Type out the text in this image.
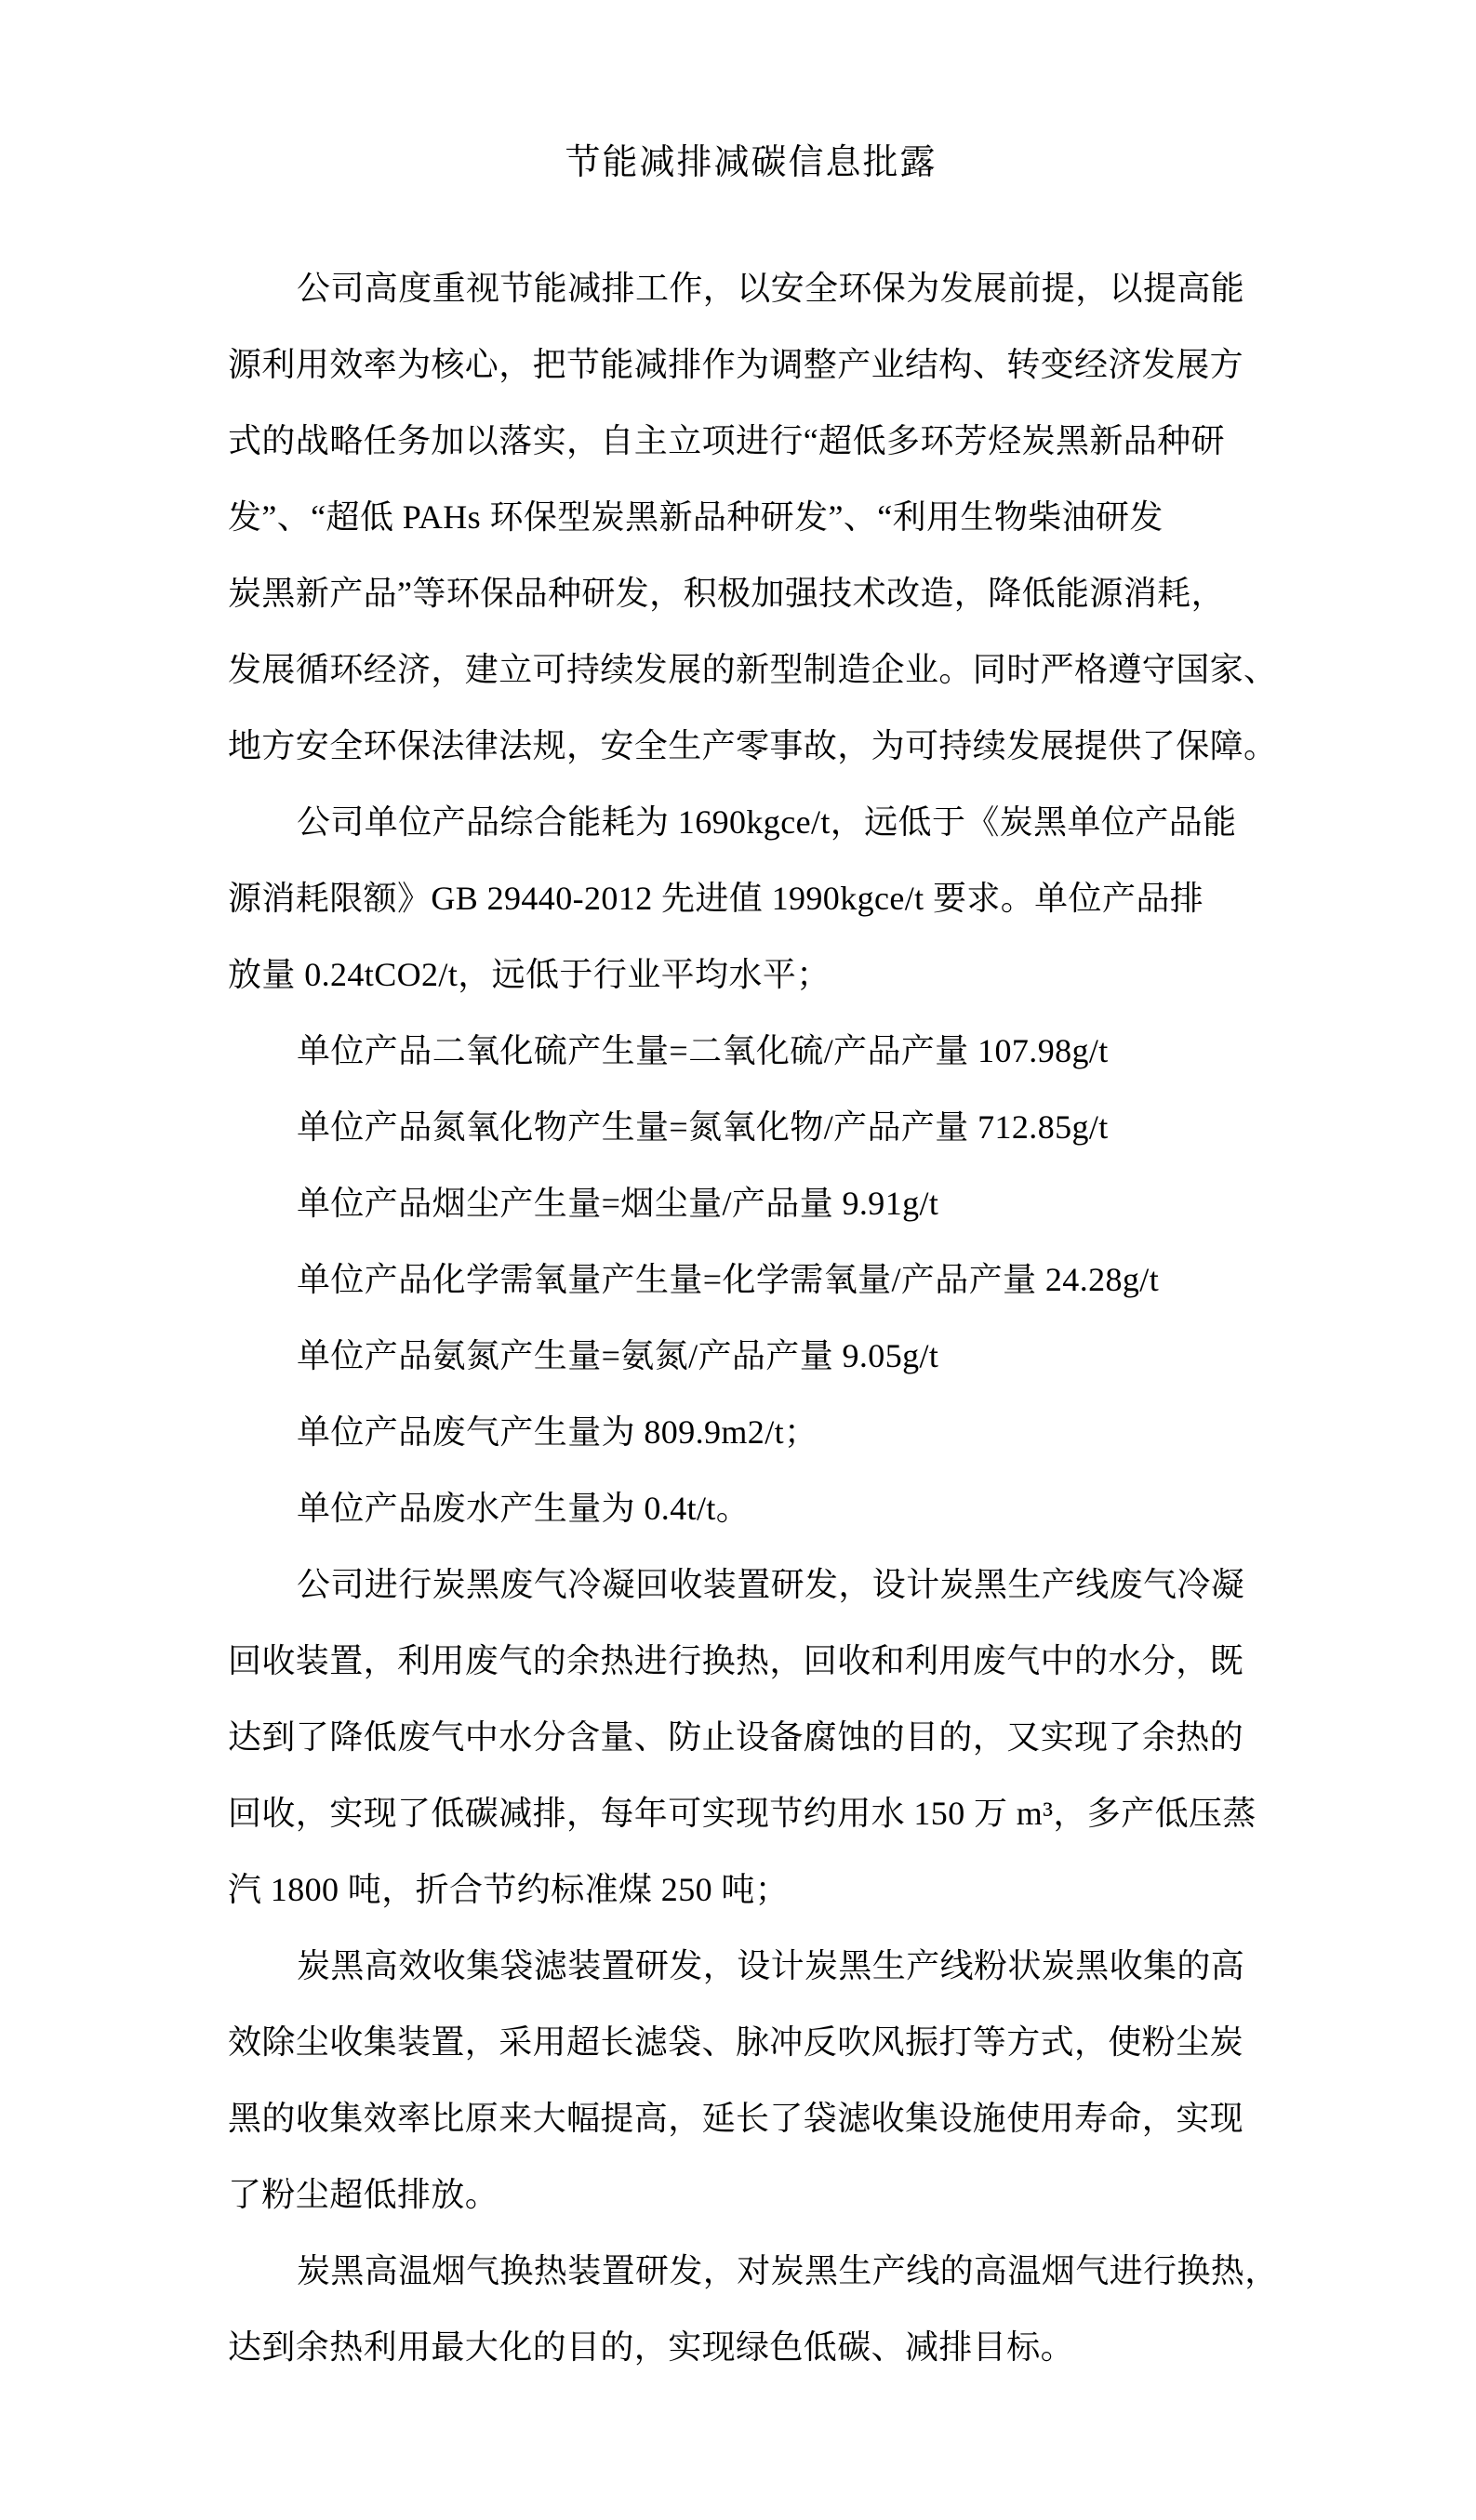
节能减排减碳信息批露
公司高度重视节能减排工作，以安全环保为发展前提，以提高能
源利用效率为核心，把节能减排作为调整产业结构、转变经济发展方
式的战略任务加以落实，自主立项进行“超低多环芳烃炭黑新品种研
发”、“超低 PAHs 环保型炭黑新品种研发”、“利用生物柴油研发
炭黑新产品”等环保品种研发，积极加强技术改造，降低能源消耗，
发展循环经济，建立可持续发展的新型制造企业。同时严格遵守国家、
地方安全环保法律法规，安全生产零事故，为可持续发展提供了保障。
公司单位产品综合能耗为 1690kgce/t，远低于《炭黑单位产品能
源消耗限额》GB 29440-2012 先进值 1990kgce/t 要求。单位产品排
放量 0.24tCO2/t，远低于行业平均水平；
单位产品二氧化硫产生量=二氧化硫/产品产量 107.98g/t
单位产品氮氧化物产生量=氮氧化物/产品产量 712.85g/t
单位产品烟尘产生量=烟尘量/产品量 9.91g/t
单位产品化学需氧量产生量=化学需氧量/产品产量 24.28g/t
单位产品氨氮产生量=氨氮/产品产量 9.05g/t
单位产品废气产生量为 809.9m2/t；
单位产品废水产生量为 0.4t/t。
公司进行炭黑废气冷凝回收装置研发，设计炭黑生产线废气冷凝
回收装置，利用废气的余热进行换热，回收和利用废气中的水分，既
达到了降低废气中水分含量、防止设备腐蚀的目的，又实现了余热的
回收，实现了低碳减排，每年可实现节约用水 150 万 m³，多产低压蒸
汽 1800 吨，折合节约标准煤 250 吨；
炭黑高效收集袋滤装置研发，设计炭黑生产线粉状炭黑收集的高
效除尘收集装置，采用超长滤袋、脉冲反吹风振打等方式，使粉尘炭
黑的收集效率比原来大幅提高，延长了袋滤收集设施使用寿命，实现
了粉尘超低排放。
炭黑高温烟气换热装置研发，对炭黑生产线的高温烟气进行换热，
达到余热利用最大化的目的，实现绿色低碳、减排目标。
